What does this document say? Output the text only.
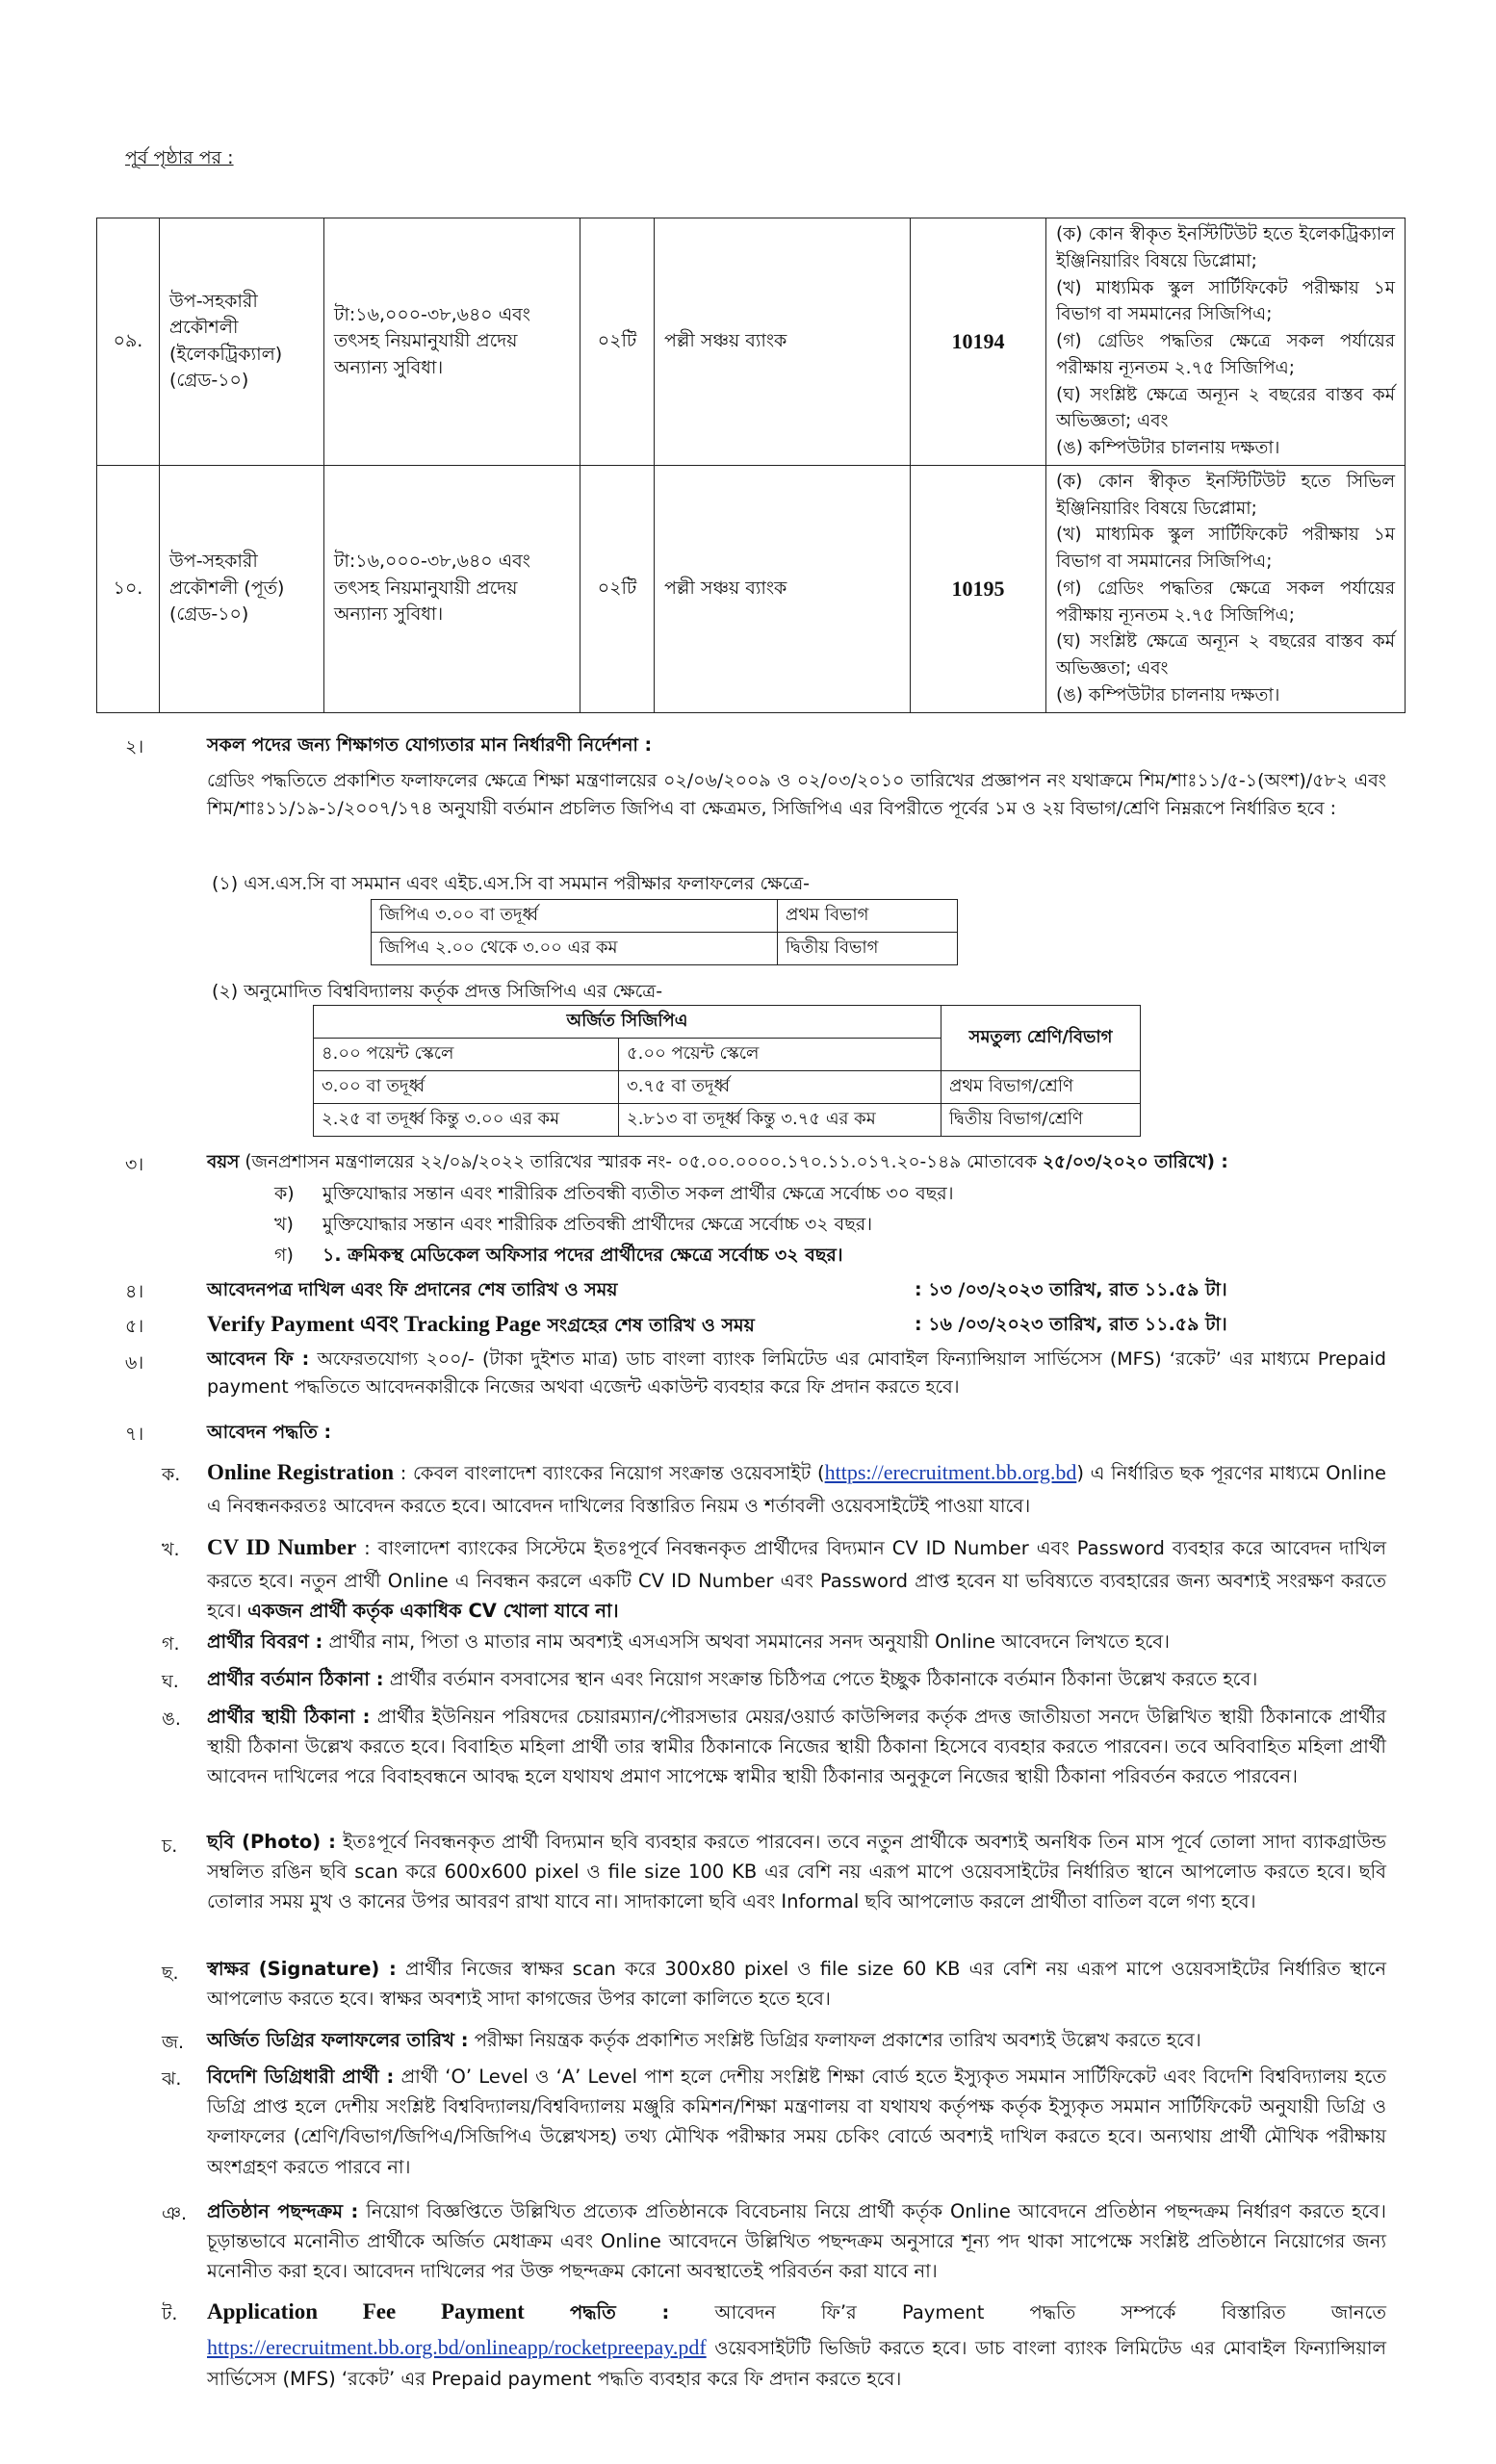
পূর্ব পৃষ্ঠার পর :
০৯.	উপ-সহকারী প্রকৌশলী (ইলেকট্রিক্যাল) (গ্রেড-১০)	টা:১৬,০০০-৩৮,৬৪০ এবং তৎসহ নিয়মানুযায়ী প্রদেয় অন্যান্য সুবিধা।	০২টি	পল্লী সঞ্চয় ব্যাংক	10194	(ক) কোন স্বীকৃত ইনস্টিটিউট হতে ইলেকট্রিক্যাল ইঞ্জিনিয়ারিং বিষয়ে ডিপ্লোমা;
(খ) মাধ্যমিক স্কুল সার্টিফিকেট পরীক্ষায় ১ম বিভাগ বা সমমানের সিজিপিএ;
(গ) গ্রেডিং পদ্ধতির ক্ষেত্রে সকল পর্যায়ের পরীক্ষায় ন্যূনতম ২.৭৫ সিজিপিএ;
(ঘ) সংশ্লিষ্ট ক্ষেত্রে অন্যূন ২ বছরের বাস্তব কর্ম অভিজ্ঞতা; এবং
(ঙ) কম্পিউটার চালনায় দক্ষতা।

১০.	উপ-সহকারী প্রকৌশলী (পূর্ত) (গ্রেড-১০)	টা:১৬,০০০-৩৮,৬৪০ এবং তৎসহ নিয়মানুযায়ী প্রদেয় অন্যান্য সুবিধা।	০২টি	পল্লী সঞ্চয় ব্যাংক	10195	(ক) কোন স্বীকৃত ইনস্টিটিউট হতে সিভিল ইঞ্জিনিয়ারিং বিষয়ে ডিপ্লোমা;
(খ) মাধ্যমিক স্কুল সার্টিফিকেট পরীক্ষায় ১ম বিভাগ বা সমমানের সিজিপিএ;
(গ) গ্রেডিং পদ্ধতির ক্ষেত্রে সকল পর্যায়ের পরীক্ষায় ন্যূনতম ২.৭৫ সিজিপিএ;
(ঘ) সংশ্লিষ্ট ক্ষেত্রে অন্যূন ২ বছরের বাস্তব কর্ম অভিজ্ঞতা; এবং
(ঙ) কম্পিউটার চালনায় দক্ষতা।
২।	সকল পদের জন্য শিক্ষাগত যোগ্যতার মান নির্ধারণী নির্দেশনা :
গ্রেডিং পদ্ধতিতে প্রকাশিত ফলাফলের ক্ষেত্রে শিক্ষা মন্ত্রণালয়ের ০২/০৬/২০০৯ ও ০২/০৩/২০১০ তারিখের প্রজ্ঞাপন নং যথাক্রমে শিম/শাঃ১১/৫-১(অংশ)/৫৮২ এবং শিম/শাঃ১১/১৯-১/২০০৭/১৭৪ অনুযায়ী বর্তমান প্রচলিত জিপিএ বা ক্ষেত্রমত, সিজিপিএ এর বিপরীতে পূর্বের ১ম ও ২য় বিভাগ/শ্রেণি নিম্নরূপে নির্ধারিত হবে :
(১) এস.এস.সি বা সমমান এবং এইচ.এস.সি বা সমমান পরীক্ষার ফলাফলের ক্ষেত্রে-
জিপিএ ৩.০০ বা তদূর্ধ্ব	প্রথম বিভাগ
জিপিএ ২.০০ থেকে ৩.০০ এর কম	দ্বিতীয় বিভাগ
(২) অনুমোদিত বিশ্ববিদ্যালয় কর্তৃক প্রদত্ত সিজিপিএ এর ক্ষেত্রে-
অর্জিত সিজিপিএ		সমতুল্য শ্রেণি/বিভাগ
৪.০০ পয়েন্ট স্কেলে	৫.০০ পয়েন্ট স্কেলে	
৩.০০ বা তদূর্ধ্ব	৩.৭৫ বা তদূর্ধ্ব	প্রথম বিভাগ/শ্রেণি
২.২৫ বা তদূর্ধ্ব কিন্তু ৩.০০ এর কম	২.৮১৩ বা তদূর্ধ্ব কিন্তু ৩.৭৫ এর কম	দ্বিতীয় বিভাগ/শ্রেণি
৩।	বয়স (জনপ্রশাসন মন্ত্রণালয়ের ২২/০৯/২০২২ তারিখের স্মারক নং- ০৫.০০.০০০০.১৭০.১১.০১৭.২০-১৪৯ মোতাবেক ২৫/০৩/২০২০ তারিখে) :
ক) মুক্তিযোদ্ধার সন্তান এবং শারীরিক প্রতিবন্ধী ব্যতীত সকল প্রার্থীর ক্ষেত্রে সর্বোচ্চ ৩০ বছর।
খ) মুক্তিযোদ্ধার সন্তান এবং শারীরিক প্রতিবন্ধী প্রার্থীদের ক্ষেত্রে সর্বোচ্চ ৩২ বছর।
গ) ১. ক্রমিকস্থ মেডিকেল অফিসার পদের প্রার্থীদের ক্ষেত্রে সর্বোচ্চ ৩২ বছর।
৪।	আবেদনপত্র দাখিল এবং ফি প্রদানের শেষ তারিখ ও সময়	: ১৩ /০৩/২০২৩ তারিখ, রাত ১১.৫৯ টা।
৫।	Verify Payment এবং Tracking Page সংগ্রহের শেষ তারিখ ও সময়	: ১৬ /০৩/২০২৩ তারিখ, রাত ১১.৫৯ টা।
৬।	আবেদন ফি : অফেরতযোগ্য ২০০/- (টাকা দুইশত মাত্র) ডাচ বাংলা ব্যাংক লিমিটেড এর মোবাইল ফিন্যান্সিয়াল সার্ভিসেস (MFS) ‘রকেট’ এর মাধ্যমে Prepaid payment পদ্ধতিতে আবেদনকারীকে নিজের অথবা এজেন্ট একাউন্ট ব্যবহার করে ফি প্রদান করতে হবে।
৭।	আবেদন পদ্ধতি :
ক. Online Registration : কেবল বাংলাদেশ ব্যাংকের নিয়োগ সংক্রান্ত ওয়েবসাইট (https://erecruitment.bb.org.bd) এ নির্ধারিত ছক পূরণের মাধ্যমে Online এ নিবন্ধনকরতঃ আবেদন করতে হবে। আবেদন দাখিলের বিস্তারিত নিয়ম ও শর্তাবলী ওয়েবসাইটেই পাওয়া যাবে।
খ. CV ID Number : বাংলাদেশ ব্যাংকের সিস্টেমে ইতঃপূর্বে নিবন্ধনকৃত প্রার্থীদের বিদ্যমান CV ID Number এবং Password ব্যবহার করে আবেদন দাখিল করতে হবে। নতুন প্রার্থী Online এ নিবন্ধন করলে একটি CV ID Number এবং Password প্রাপ্ত হবেন যা ভবিষ্যতে ব্যবহারের জন্য অবশ্যই সংরক্ষণ করতে হবে। একজন প্রার্থী কর্তৃক একাধিক CV খোলা যাবে না।
গ. প্রার্থীর বিবরণ : প্রার্থীর নাম, পিতা ও মাতার নাম অবশ্যই এসএসসি অথবা সমমানের সনদ অনুযায়ী Online আবেদনে লিখতে হবে।
ঘ. প্রার্থীর বর্তমান ঠিকানা : প্রার্থীর বর্তমান বসবাসের স্থান এবং নিয়োগ সংক্রান্ত চিঠিপত্র পেতে ইচ্ছুক ঠিকানাকে বর্তমান ঠিকানা উল্লেখ করতে হবে।
ঙ. প্রার্থীর স্থায়ী ঠিকানা : প্রার্থীর ইউনিয়ন পরিষদের চেয়ারম্যান/পৌরসভার মেয়র/ওয়ার্ড কাউন্সিলর কর্তৃক প্রদত্ত জাতীয়তা সনদে উল্লিখিত স্থায়ী ঠিকানাকে প্রার্থীর স্থায়ী ঠিকানা উল্লেখ করতে হবে। বিবাহিত মহিলা প্রার্থী তার স্বামীর ঠিকানাকে নিজের স্থায়ী ঠিকানা হিসেবে ব্যবহার করতে পারবেন। তবে অবিবাহিত মহিলা প্রার্থী আবেদন দাখিলের পরে বিবাহবন্ধনে আবদ্ধ হলে যথাযথ প্রমাণ সাপেক্ষে স্বামীর স্থায়ী ঠিকানার অনুকূলে নিজের স্থায়ী ঠিকানা পরিবর্তন করতে পারবেন।
চ. ছবি (Photo) : ইতঃপূর্বে নিবন্ধনকৃত প্রার্থী বিদ্যমান ছবি ব্যবহার করতে পারবেন। তবে নতুন প্রার্থীকে অবশ্যই অনধিক তিন মাস পূর্বে তোলা সাদা ব্যাকগ্রাউন্ড সম্বলিত রঙিন ছবি scan করে 600x600 pixel ও file size 100 KB এর বেশি নয় এরূপ মাপে ওয়েবসাইটের নির্ধারিত স্থানে আপলোড করতে হবে। ছবি তোলার সময় মুখ ও কানের উপর আবরণ রাখা যাবে না। সাদাকালো ছবি এবং Informal ছবি আপলোড করলে প্রার্থীতা বাতিল বলে গণ্য হবে।
ছ. স্বাক্ষর (Signature) : প্রার্থীর নিজের স্বাক্ষর scan করে 300x80 pixel ও file size 60 KB এর বেশি নয় এরূপ মাপে ওয়েবসাইটের নির্ধারিত স্থানে আপলোড করতে হবে। স্বাক্ষর অবশ্যই সাদা কাগজের উপর কালো কালিতে হতে হবে।
জ. অর্জিত ডিগ্রির ফলাফলের তারিখ : পরীক্ষা নিয়ন্ত্রক কর্তৃক প্রকাশিত সংশ্লিষ্ট ডিগ্রির ফলাফল প্রকাশের তারিখ অবশ্যই উল্লেখ করতে হবে।
ঝ. বিদেশি ডিগ্রিধারী প্রার্থী : প্রার্থী ‘O’ Level ও ‘A’ Level পাশ হলে দেশীয় সংশ্লিষ্ট শিক্ষা বোর্ড হতে ইস্যুকৃত সমমান সার্টিফিকেট এবং বিদেশি বিশ্ববিদ্যালয় হতে ডিগ্রি প্রাপ্ত হলে দেশীয় সংশ্লিষ্ট বিশ্ববিদ্যালয়/বিশ্ববিদ্যালয় মঞ্জুরি কমিশন/শিক্ষা মন্ত্রণালয় বা যথাযথ কর্তৃপক্ষ কর্তৃক ইস্যুকৃত সমমান সার্টিফিকেট অনুযায়ী ডিগ্রি ও ফলাফলের (শ্রেণি/বিভাগ/জিপিএ/সিজিপিএ উল্লেখসহ) তথ্য মৌখিক পরীক্ষার সময় চেকিং বোর্ডে অবশ্যই দাখিল করতে হবে। অন্যথায় প্রার্থী মৌখিক পরীক্ষায় অংশগ্রহণ করতে পারবে না।
ঞ. প্রতিষ্ঠান পছন্দক্রম : নিয়োগ বিজ্ঞপ্তিতে উল্লিখিত প্রত্যেক প্রতিষ্ঠানকে বিবেচনায় নিয়ে প্রার্থী কর্তৃক Online আবেদনে প্রতিষ্ঠান পছন্দক্রম নির্ধারণ করতে হবে। চূড়ান্তভাবে মনোনীত প্রার্থীকে অর্জিত মেধাক্রম এবং Online আবেদনে উল্লিখিত পছন্দক্রম অনুসারে শূন্য পদ থাকা সাপেক্ষে সংশ্লিষ্ট প্রতিষ্ঠানে নিয়োগের জন্য মনোনীত করা হবে। আবেদন দাখিলের পর উক্ত পছন্দক্রম কোনো অবস্থাতেই পরিবর্তন করা যাবে না।
ট. Application Fee Payment পদ্ধতি : আবেদন ফি’র Payment পদ্ধতি সম্পর্কে বিস্তারিত জানতে https://erecruitment.bb.org.bd/onlineapp/rocketpreepay.pdf ওয়েবসাইটটি ভিজিট করতে হবে। ডাচ বাংলা ব্যাংক লিমিটেড এর মোবাইল ফিন্যান্সিয়াল সার্ভিসেস (MFS) ‘রকেট’ এর Prepaid payment পদ্ধতি ব্যবহার করে ফি প্রদান করতে হবে।
